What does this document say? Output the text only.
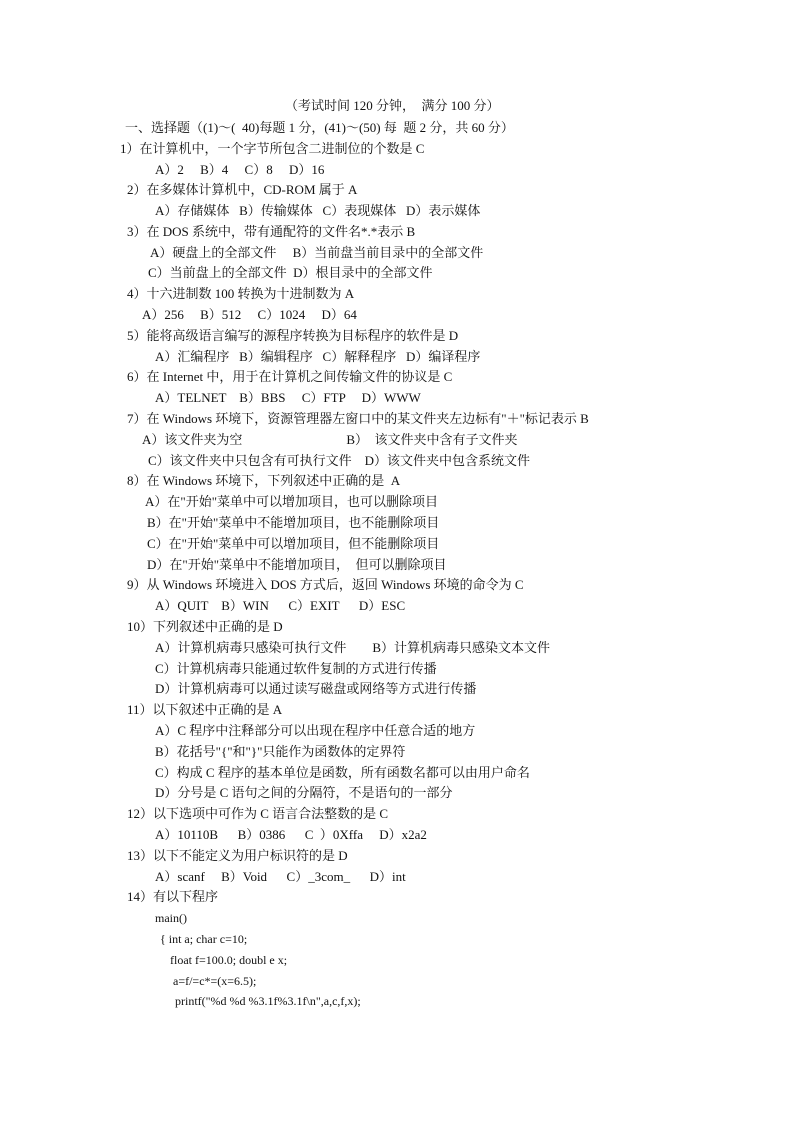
（考试时间 120 分钟，  满分 100 分）
一、选择题（(1)～(  40)每题 1 分，(41)～(50) 每  题 2 分，共 60 分）
1）在计算机中，一个字节所包含二进制位的个数是 C
A）2     B）4     C）8     D）16
2）在多媒体计算机中，CD-ROM 属于 A
A）存储媒体   B）传输媒体   C）表现媒体   D）表示媒体
3）在 DOS 系统中，带有通配符的文件名*.*表示 B
A）硬盘上的全部文件     B）当前盘当前目录中的全部文件
C）当前盘上的全部文件  D）根目录中的全部文件
4）十六进制数 100 转换为十进制数为 A
A）256     B）512     C）1024     D）64
5）能将高级语言编写的源程序转换为目标程序的软件是 D
A）汇编程序   B）编辑程序   C）解释程序   D）编译程序
6）在 Internet 中，用于在计算机之间传输文件的协议是 C
A）TELNET    B）BBS     C）FTP     D）WWW
7）在 Windows 环境下，资源管理器左窗口中的某文件夹左边标有"＋"标记表示 B
A）该文件夹为空                                B）  该文件夹中含有子文件夹
C）该文件夹中只包含有可执行文件    D）该文件夹中包含系统文件
8）在 Windows 环境下，下列叙述中正确的是  A
A）在"开始"菜单中可以增加项目，也可以删除项目
B）在"开始"菜单中不能增加项目，也不能删除项目
C）在"开始"菜单中可以增加项目，但不能删除项目
D）在"开始"菜单中不能增加项目，  但可以删除项目
9）从 Windows 环境进入 DOS 方式后，返回 Windows 环境的命令为 C
A）QUIT    B）WIN      C）EXIT      D）ESC
10）下列叙述中正确的是 D
A）计算机病毒只感染可执行文件        B）计算机病毒只感染文本文件
C）计算机病毒只能通过软件复制的方式进行传播
D）计算机病毒可以通过读写磁盘或网络等方式进行传播
11）以下叙述中正确的是 A
A）C 程序中注释部分可以出现在程序中任意合适的地方
B）花括号"{"和"}"只能作为函数体的定界符
C）构成 C 程序的基本单位是函数，所有函数名都可以由用户命名
D）分号是 C 语句之间的分隔符，不是语句的一部分
12）以下选项中可作为 C 语言合法整数的是 C
A）10110B      B）0386      C  ）0Xffa     D）x2a2
13）以下不能定义为用户标识符的是 D
A）scanf     B）Void      C）_3com_      D）int
14）有以下程序
main()
{ int a; char c=10;
float f=100.0; doubl e x;
a=f/=c*=(x=6.5);
printf("%d %d %3.1f%3.1f\n",a,c,f,x);
